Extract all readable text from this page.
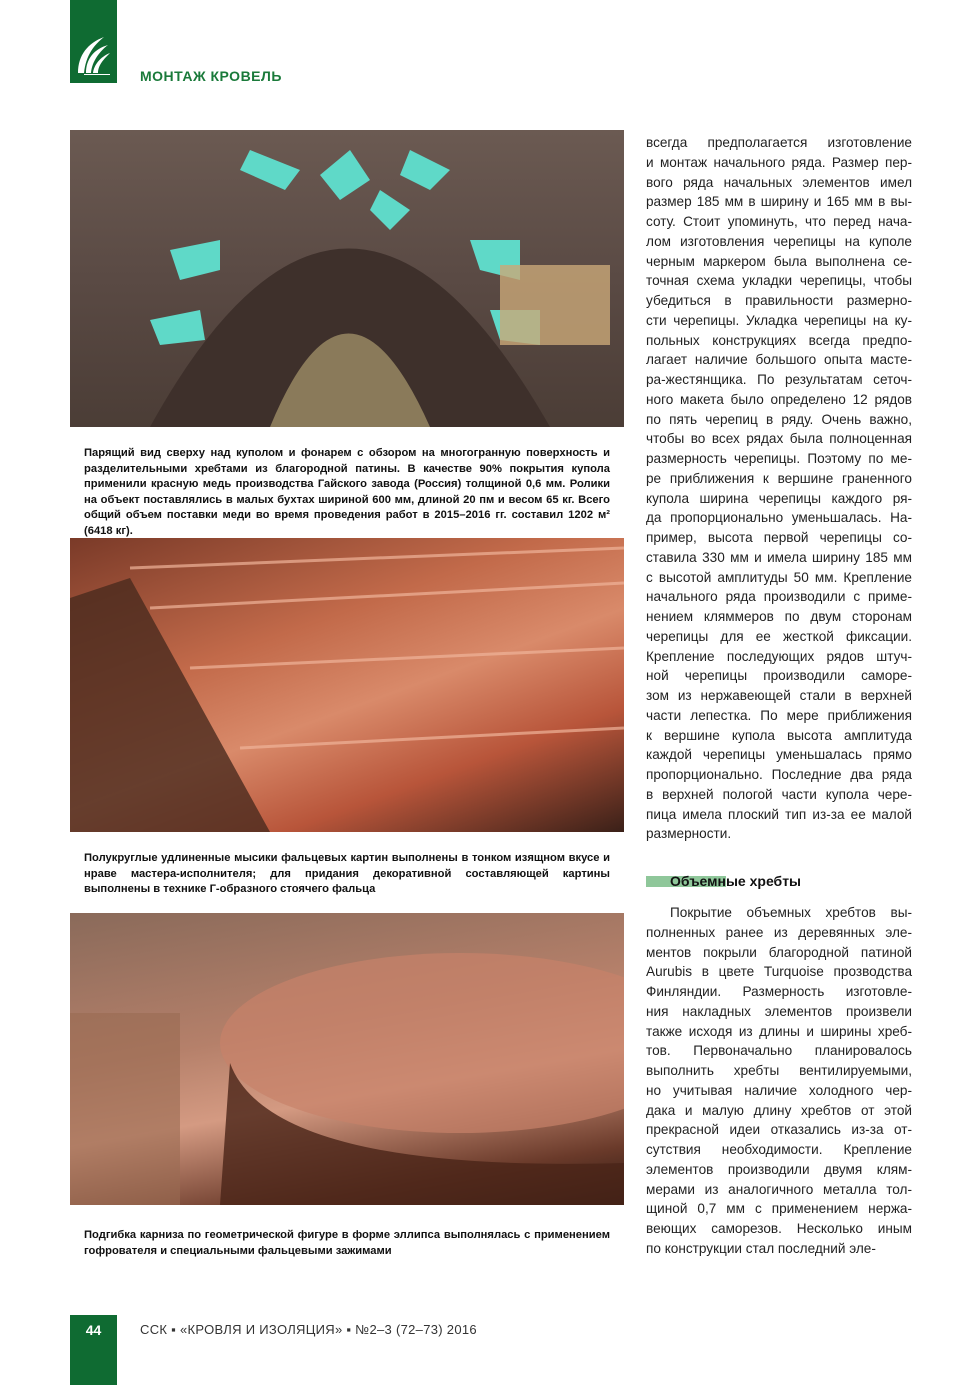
МОНТАЖ КРОВЕЛЬ
Парящий вид сверху над куполом и фонарем с обзором на многогранную поверхность и разделительными хребтами из благородной патины. В качестве 90% покрытия купола применили красную медь производства Гайского завода (Россия) толщиной 0,6 мм. Ролики на объект поставлялись в малых бухтах шириной 600 мм, длиной 20 пм и весом 65 кг. Всего общий объем поставки меди во время проведения работ в 2015–2016 гг. составил 1202 м² (6418 кг).
Полукруглые удлиненные мысики фальцевых картин выполнены в тонком изящном вкусе и нраве мастера-исполнителя; для придания декоративной составляющей картины выполнены в технике Г-образного стоячего фальца
Подгибка карниза по геометрической фигуре в форме эллипса выполнялась с применением гофрователя и специальными фальцевыми зажимами
всегда предполагается изготовление
и монтаж начального ряда. Размер пер-
вого ряда начальных элементов имел
размер 185 мм в ширину и 165 мм в вы-
соту. Стоит упоминуть, что перед нача-
лом изготовления черепицы на куполе
черным маркером была выполнена се-
точная схема укладки черепицы, чтобы
убедиться в правильности размерно-
сти черепицы. Укладка черепицы на ку-
польных конструкциях всегда предпо-
лагает наличие большого опыта масте-
ра-жестянщика. По результатам сеточ-
ного макета было определено 12 рядов
по пять черепиц в ряду. Очень важно,
чтобы во всех рядах была полноценная
размерность черепицы. Поэтому по ме-
ре приближения к вершине граненного
купола ширина черепицы каждого ря-
да пропорционально уменьшалась. На-
пример, высота первой черепицы со-
ставила 330 мм и имела ширину 185 мм
с высотой амплитуды 50 мм. Крепление
начального ряда производили с приме-
нением кляммеров по двум сторонам
черепицы для ее жесткой фиксации.
Крепление последующих рядов штуч-
ной черепицы производили саморе-
зом из нержавеющей стали в верхней
части лепестка. По мере приближения
к вершине купола высота амплитуда
каждой черепицы уменьшалась прямо
пропорционально. Последние два ряда
в верхней пологой части купола чере-
пица имела плоский тип из-за ее малой
размерности.
Объемные хребты
Покрытие объемных хребтов вы-
полненных ранее из деревянных эле-
ментов покрыли благородной патиной
Aurubis в цвете Turquoise прозводства
Финляндии. Размерность изготовле-
ния накладных элементов произвели
также исходя из длины и ширины хреб-
тов. Первоначально планировалось
выполнить хребты вентилируемыми,
но учитывая наличие холодного чер-
дака и малую длину хребтов от этой
прекрасной идеи отказались из-за от-
сутствия необходимости. Крепление
элементов производили двумя клям-
мерами из аналогичного металла тол-
щиной 0,7 мм с применением нержа-
веющих саморезов. Несколько иным
по конструкции стал последний эле-
44	ССК ▪ «КРОВЛЯ И ИЗОЛЯЦИЯ» ▪ №2–3 (72–73) 2016
